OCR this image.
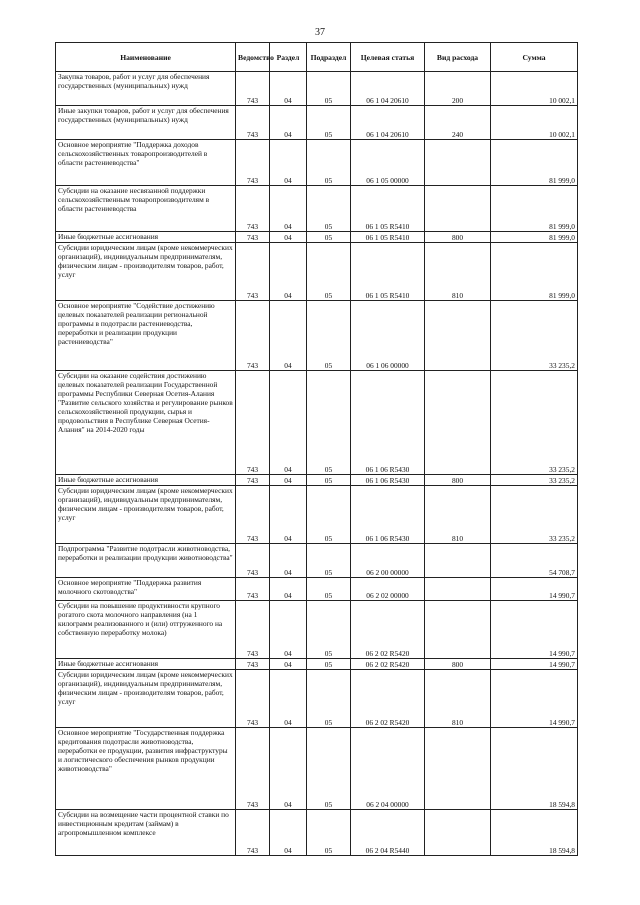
37
Наименование	Ведомство	Раздел	Подраздел	Целевая статья	Вид расхода	Сумма
Закупка товаров, работ и услуг для обеспечения государственных (муниципальных) нужд	743	04	05	06 1 04 20610	200	10 002,1
Иные закупки товаров, работ и услуг для обеспечения государственных (муниципальных) нужд	743	04	05	06 1 04 20610	240	10 002,1
Основное мероприятие "Поддержка доходов сельскохозяйственных товаропроизводителей в области растениеводства"	743	04	05	06 1 05 00000		81 999,0
Субсидии на оказание несвязанной поддержки сельскохозяйственным товаропроизводителям в области растениеводства	743	04	05	06 1 05 R5410		81 999,0
Иные бюджетные ассигнования	743	04	05	06 1 05 R5410	800	81 999,0
Субсидии юридическим лицам (кроме некоммерческих организаций), индивидуальным предпринимателям, физическим лицам - производителям товаров, работ, услуг	743	04	05	06 1 05 R5410	810	81 999,0
Основное мероприятие "Содействие достижению целевых показателей реализации региональной программы в подотрасли растениеводства, переработки и реализации продукции растениеводства"	743	04	05	06 1 06 00000		33 235,2
Субсидии на оказание содействия достижению целевых показателей реализации Государственной программы Республики Северная Осетия-Алания "Развитие сельского хозяйства и регулирование рынков сельскохозяйственной продукции, сырья и продовольствия в Республике Северная Осетия-Алания" на 2014-2020 годы	743	04	05	06 1 06 R5430		33 235,2
Иные бюджетные ассигнования	743	04	05	06 1 06 R5430	800	33 235,2
Субсидии юридическим лицам (кроме некоммерческих организаций), индивидуальным предпринимателям, физическим лицам - производителям товаров, работ, услуг	743	04	05	06 1 06 R5430	810	33 235,2
Подпрограмма "Развитие подотрасли животноводства, переработки и реализации продукции животноводства"	743	04	05	06 2 00 00000		54 708,7
Основное мероприятие "Поддержка развития молочного скотоводства"	743	04	05	06 2 02 00000		14 990,7
Субсидии на повышение продуктивности крупного рогатого скота молочного направления (на 1 килограмм реализованного и (или) отгруженного на собственную переработку молока)	743	04	05	06 2 02 R5420		14 990,7
Иные бюджетные ассигнования	743	04	05	06 2 02 R5420	800	14 990,7
Субсидии юридическим лицам (кроме некоммерческих организаций), индивидуальным предпринимателям, физическим лицам - производителям товаров, работ, услуг	743	04	05	06 2 02 R5420	810	14 990,7
Основное мероприятие "Государственная поддержка кредитования подотрасли животноводства, переработки ее продукции, развития инфраструктуры и логистического обеспечения рынков продукции животноводства"	743	04	05	06 2 04 00000		18 594,8
Субсидии на возмещение части процентной ставки по инвестиционным кредитам (займам) в агропромышленном комплексе	743	04	05	06 2 04 R5440		18 594,8
